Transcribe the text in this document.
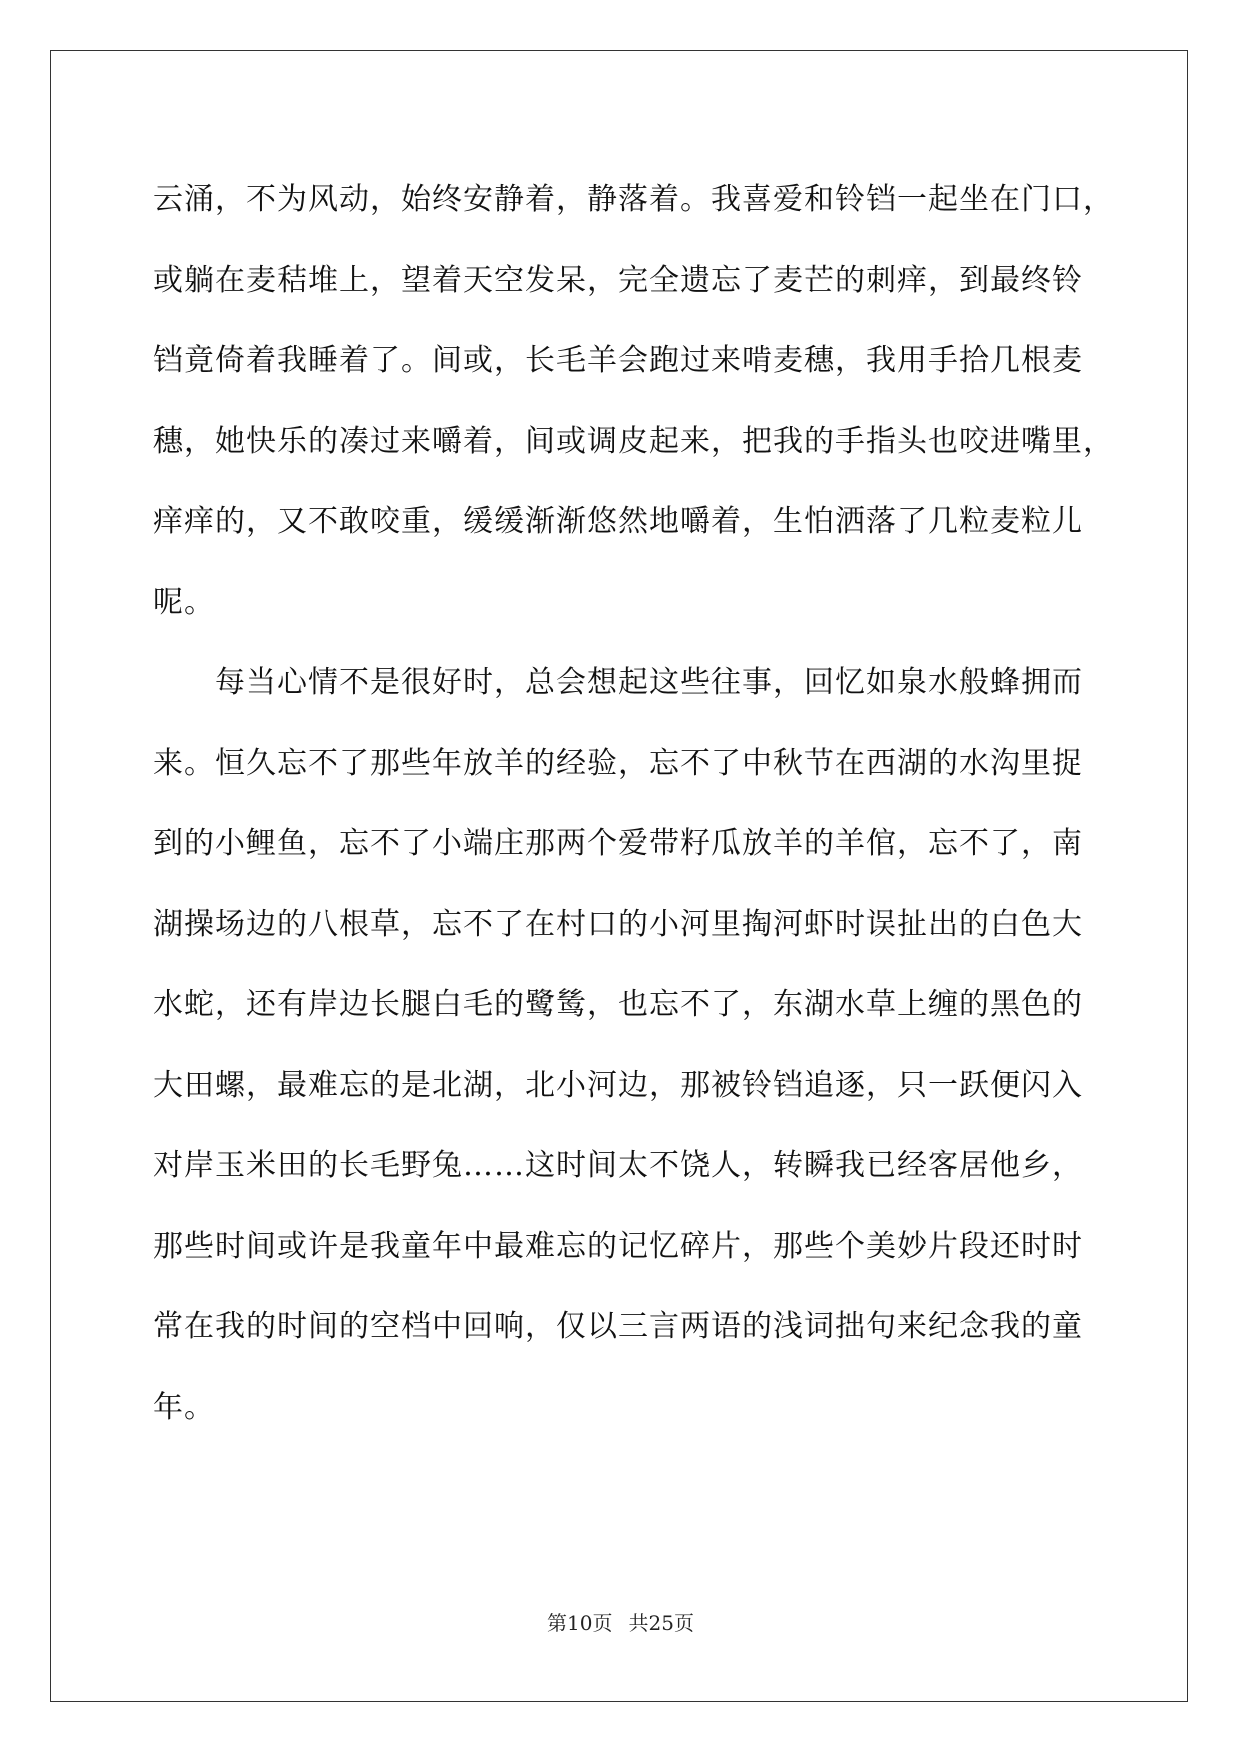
云涌，不为风动，始终安静着，静落着。我喜爱和铃铛一起坐在门口，
或躺在麦秸堆上，望着天空发呆，完全遗忘了麦芒的刺痒，到最终铃
铛竟倚着我睡着了。间或，长毛羊会跑过来啃麦穗，我用手拾几根麦
穗，她快乐的凑过来嚼着，间或调皮起来，把我的手指头也咬进嘴里，
痒痒的，又不敢咬重，缓缓渐渐悠然地嚼着，生怕洒落了几粒麦粒儿
呢。
　　每当心情不是很好时，总会想起这些往事，回忆如泉水般蜂拥而
来。恒久忘不了那些年放羊的经验，忘不了中秋节在西湖的水沟里捉
到的小鲤鱼，忘不了小端庄那两个爱带籽瓜放羊的羊倌，忘不了，南
湖操场边的八根草，忘不了在村口的小河里掏河虾时误扯出的白色大
水蛇，还有岸边长腿白毛的鹭鸶，也忘不了，东湖水草上缠的黑色的
大田螺，最难忘的是北湖，北小河边，那被铃铛追逐，只一跃便闪入
对岸玉米田的长毛野兔……这时间太不饶人，转瞬我已经客居他乡，
那些时间或许是我童年中最难忘的记忆碎片，那些个美妙片段还时时
常在我的时间的空档中回响，仅以三言两语的浅词拙句来纪念我的童
年。
第10页 共25页
